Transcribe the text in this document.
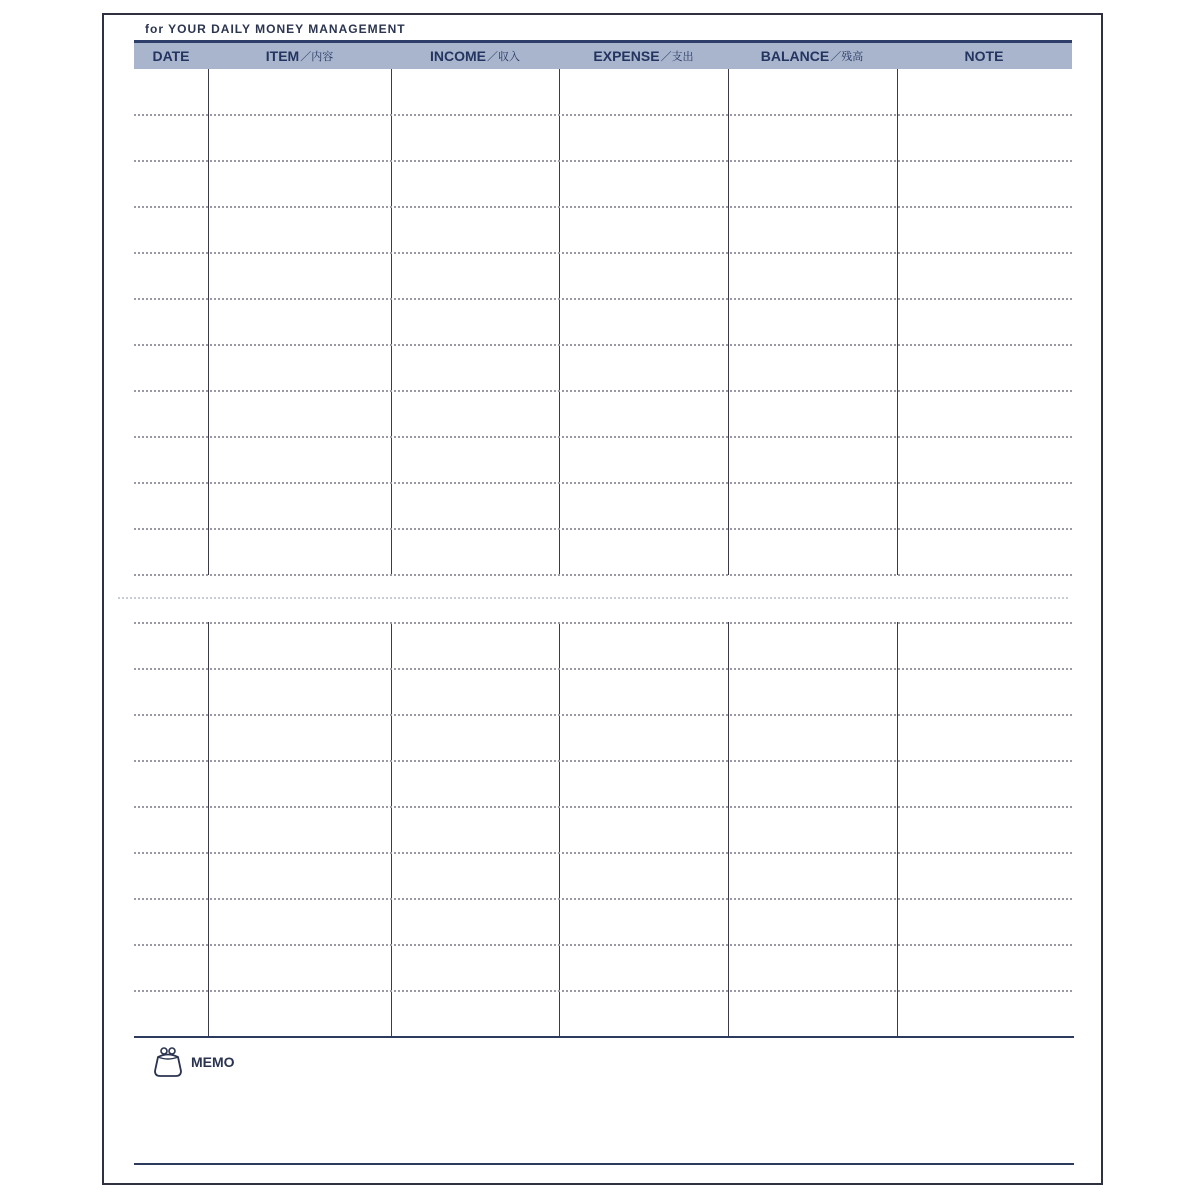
for YOUR DAILY MONEY MANAGEMENT
DATE	ITEM ／内容	INCOME ／収入	EXPENSE ／支出	BALANCE ／残高	NOTE
MEMO
